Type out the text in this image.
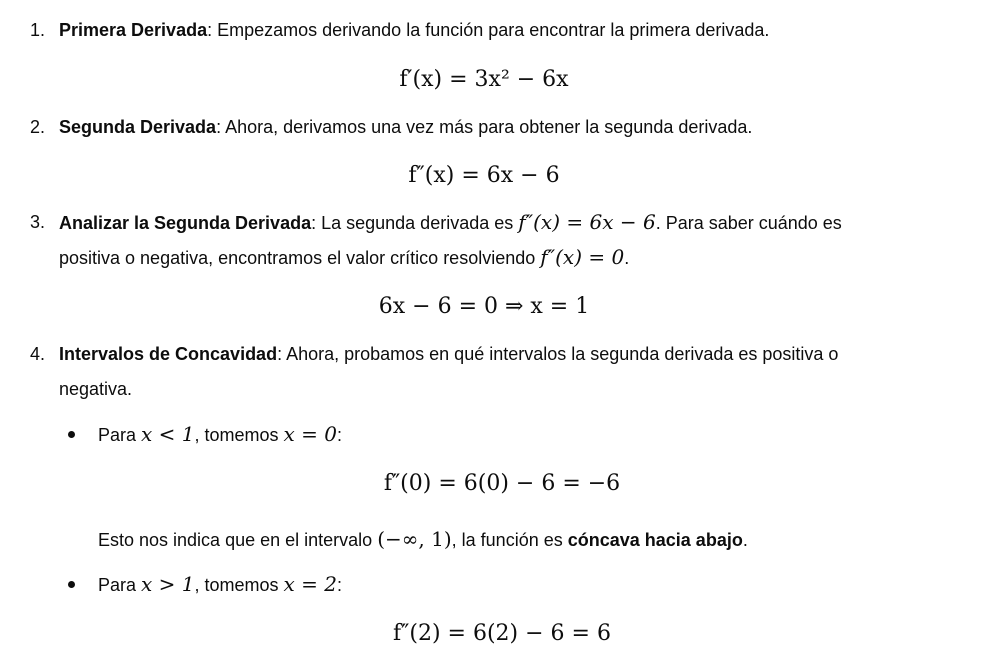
1. Primera Derivada: Empezamos derivando la función para encontrar la primera derivada.
f′(x) = 3x² − 6x
2. Segunda Derivada: Ahora, derivamos una vez más para obtener la segunda derivada.
f″(x) = 6x − 6
3. Analizar la Segunda Derivada: La segunda derivada es f″(x) = 6x − 6. Para saber cuándo es
positiva o negativa, encontramos el valor crítico resolviendo f″(x) = 0.
6x − 6 = 0 ⇒ x = 1
4. Intervalos de Concavidad: Ahora, probamos en qué intervalos la segunda derivada es positiva o
negativa.
Para x < 1, tomemos x = 0:
f″(0) = 6(0) − 6 = −6
Esto nos indica que en el intervalo (−∞, 1), la función es cóncava hacia abajo.
Para x > 1, tomemos x = 2:
f″(2) = 6(2) − 6 = 6
